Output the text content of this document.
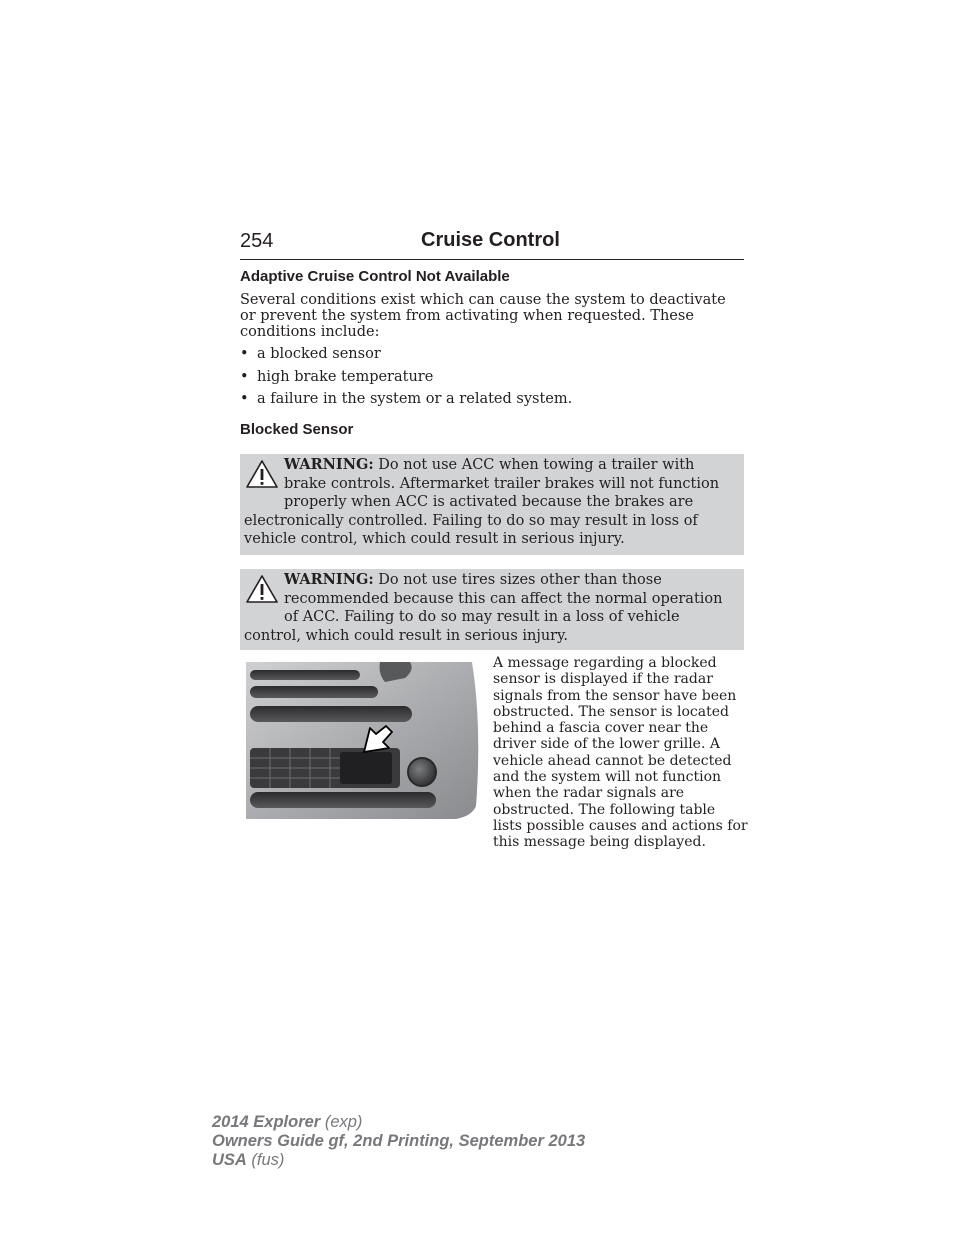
254	Cruise Control
Adaptive Cruise Control Not Available

Several conditions exist which can cause the system to deactivate or prevent the system from activating when requested. These conditions include:

• a blocked sensor
• high brake temperature
• a failure in the system or a related system.
Blocked Sensor
WARNING: Do not use ACC when towing a trailer with brake controls. Aftermarket trailer brakes will not function properly when ACC is activated because the brakes are electronically controlled. Failing to do so may result in loss of vehicle control, which could result in serious injury.
WARNING: Do not use tires sizes other than those recommended because this can affect the normal operation of ACC. Failing to do so may result in a loss of vehicle control, which could result in serious injury.

A message regarding a blocked sensor is displayed if the radar signals from the sensor have been obstructed. The sensor is located behind a fascia cover near the driver side of the lower grille. A vehicle ahead cannot be detected and the system will not function when the radar signals are obstructed. The following table lists possible causes and actions for this message being displayed.

2014 Explorer (exp)
Owners Guide gf, 2nd Printing, September 2013
USA (fus)
